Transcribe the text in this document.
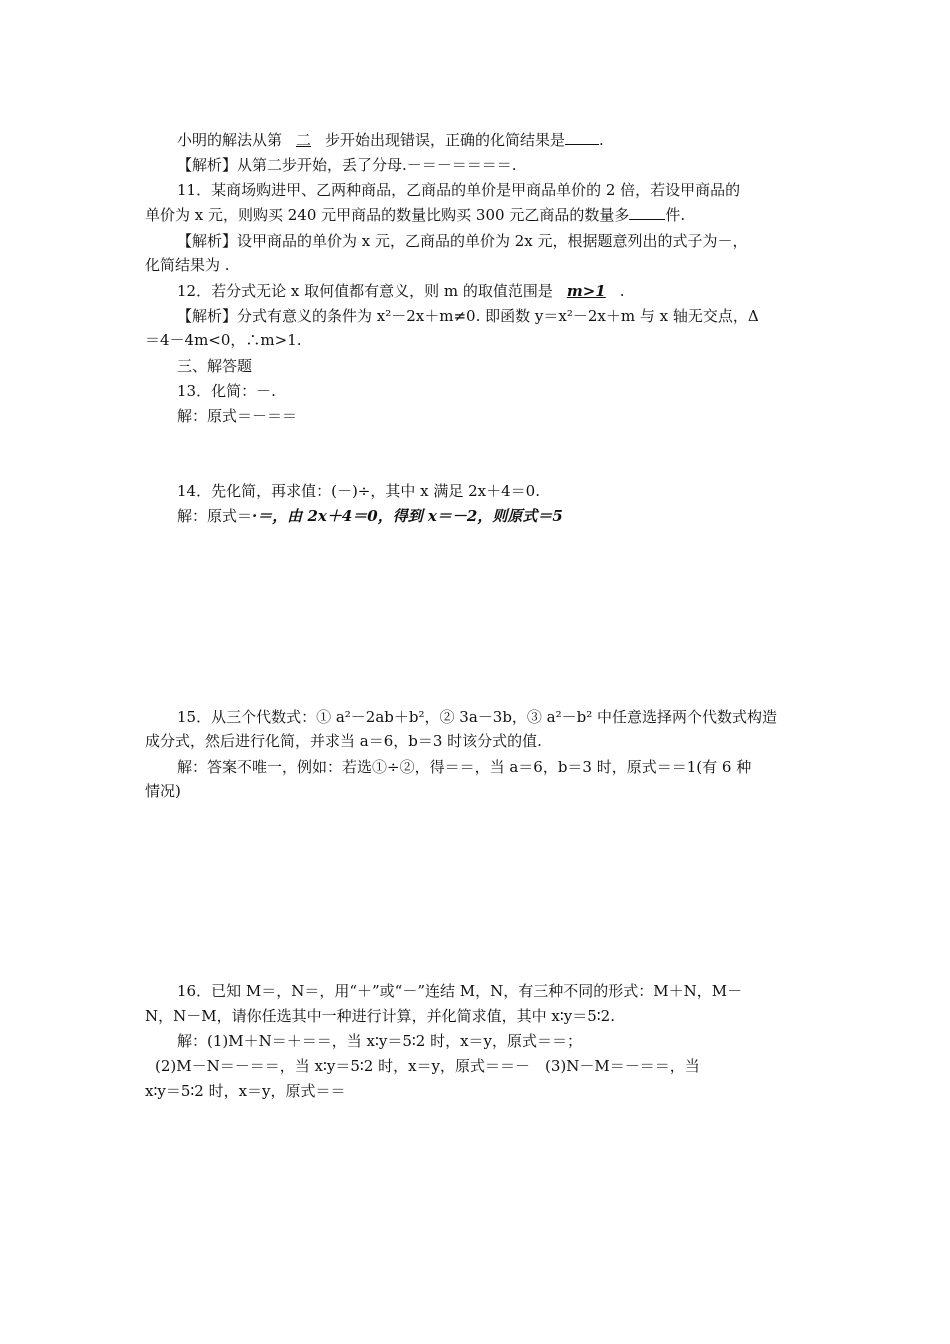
小明的解法从第 二 步开始出现错误，正确的化简结果是 .
【解析】从第二步开始，丢了分母.－＝－＝＝＝＝.
11．某商场购进甲、乙两种商品，乙商品的单价是甲商品单价的 2 倍，若设甲商品的
单价为 x 元，则购买 240 元甲商品的数量比购买 300 元乙商品的数量多 件.
【解析】设甲商品的单价为 x 元，乙商品的单价为 2x 元，根据题意列出的式子为－，
化简结果为 .
12．若分式无论 x 取何值都有意义，则 m 的取值范围是 m>1 .
【解析】分式有意义的条件为 x²－2x＋m≠0. 即函数 y＝x²－2x＋m 与 x 轴无交点，Δ
＝4－4m<0，∴m>1.
三、解答题
13．化简：－.
解：原式＝－＝＝
14．先化简，再求值：(－)÷，其中 x 满足 2x＋4＝0.
解：原式＝·＝，由 2x＋4＝0，得到 x＝－2，则原式＝5
15．从三个代数式：① a²－2ab＋b²，② 3a－3b，③ a²－b² 中任意选择两个代数式构造
成分式，然后进行化简，并求当 a＝6，b＝3 时该分式的值.
解：答案不唯一，例如：若选①÷②，得＝＝，当 a＝6，b＝3 时，原式＝＝1(有 6 种
情况)
16．已知 M＝，N＝，用“＋”或“－”连结 M，N，有三种不同的形式：M＋N，M－
N，N－M，请你任选其中一种进行计算，并化简求值，其中 x∶y＝5∶2.
解：(1)M＋N＝＋＝＝，当 x∶y＝5∶2 时，x＝y，原式＝＝；
(2)M－N＝－＝＝，当 x∶y＝5∶2 时，x＝y，原式＝＝－　(3)N－M＝－＝＝，当
x∶y＝5∶2 时，x＝y，原式＝＝
